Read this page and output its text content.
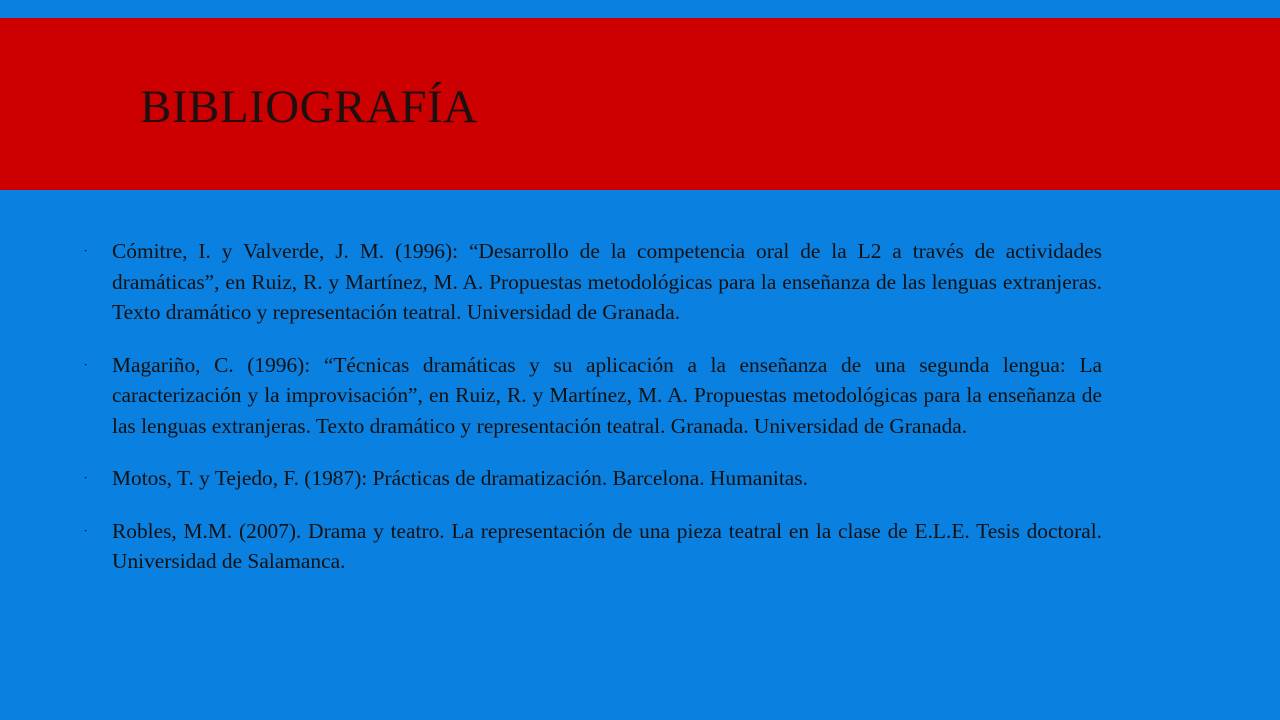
BIBLIOGRAFÍA

∙ Cómitre, I. y Valverde, J. M. (1996): “Desarrollo de la competencia oral de la L2 a través de actividades dramáticas”, en Ruiz, R. y Martínez, M. A. Propuestas metodológicas para la enseñanza de las lenguas extranjeras. Texto dramático y representación teatral. Universidad de Granada.

∙ Magariño, C. (1996): “Técnicas dramáticas y su aplicación a la enseñanza de una segunda lengua: La caracterización y la improvisación”, en Ruiz, R. y Martínez, M. A. Propuestas metodológicas para la enseñanza de las lenguas extranjeras. Texto dramático y representación teatral. Granada. Universidad de Granada.

∙ Motos, T. y Tejedo, F. (1987): Prácticas de dramatización. Barcelona. Humanitas.

∙ Robles, M.M. (2007). Drama y teatro. La representación de una pieza teatral en la clase de E.L.E. Tesis doctoral. Universidad de Salamanca.
